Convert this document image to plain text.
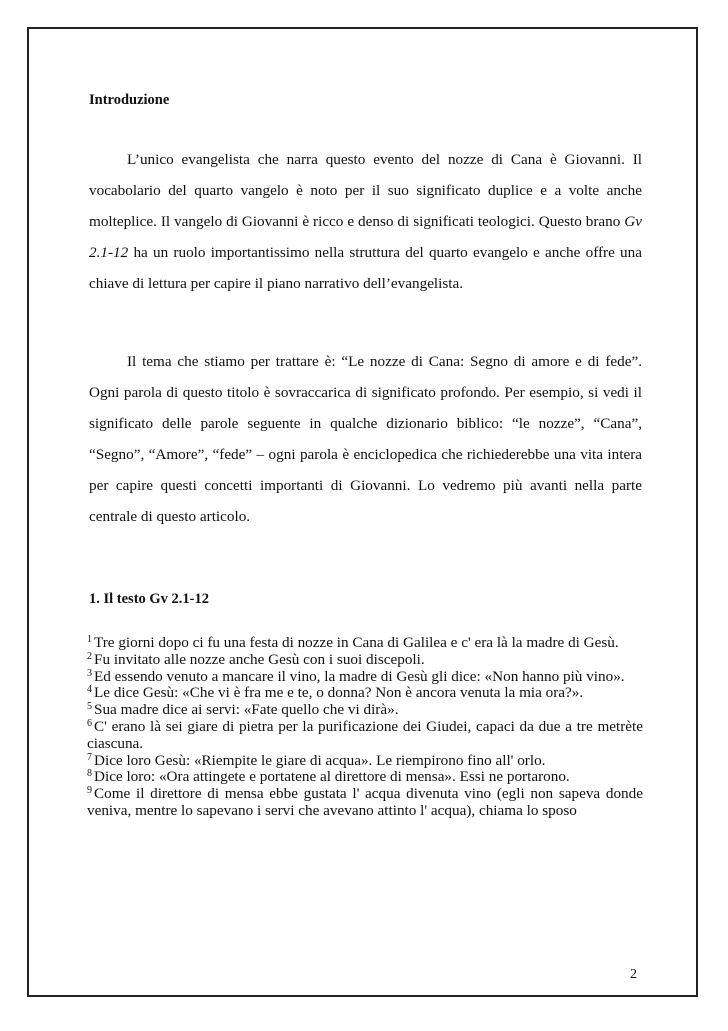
Introduzione

L’unico evangelista che narra questo evento del nozze di Cana è Giovanni. Il vocabolario del quarto vangelo è noto per il suo significato duplice e a volte anche molteplice. Il vangelo di Giovanni è ricco e denso di significati teologici. Questo brano Gv 2.1-12 ha un ruolo importantissimo nella struttura del quarto evangelo e anche offre una chiave di lettura per capire il piano narrativo dell’evangelista.

Il tema che stiamo per trattare è: “Le nozze di Cana: Segno di amore e di fede”. Ogni parola di questo titolo è sovraccarica di significato profondo. Per esempio, si vedi il significato delle parole seguente in qualche dizionario biblico: “le nozze”, “Cana”, “Segno”, “Amore”, “fede” – ogni parola è enciclopedica che richiederebbe una vita intera per capire questi concetti importanti di Giovanni. Lo vedremo più avanti nella parte centrale di questo articolo.

1. Il testo Gv 2.1-12

$^1$ Tre giorni dopo ci fu una festa di nozze in Cana di Galilea e c' era là la madre di Gesù.

$^2$ Fu invitato alle nozze anche Gesù con i suoi discepoli.

$^3$ Ed essendo venuto a mancare il vino, la madre di Gesù gli dice: «Non hanno più vino».

$^4$ Le dice Gesù: «Che vi è fra me e te, o donna? Non è ancora venuta la mia ora?».

$^5$ Sua madre dice ai servi: «Fate quello che vi dirà».

$^6$ C' erano là sei giare di pietra per la purificazione dei Giudei, capaci da due a tre metrète ciascuna.

$^7$ Dice loro Gesù: «Riempite le giare di acqua». Le riempirono fino all' orlo.

$^8$ Dice loro: «Ora attingete e portatene al direttore di mensa». Essi ne portarono.

$^9$ Come il direttore di mensa ebbe gustata l' acqua divenuta vino (egli non sapeva donde veniva, mentre lo sapevano i servi che avevano attinto l' acqua), chiama lo sposo

2
